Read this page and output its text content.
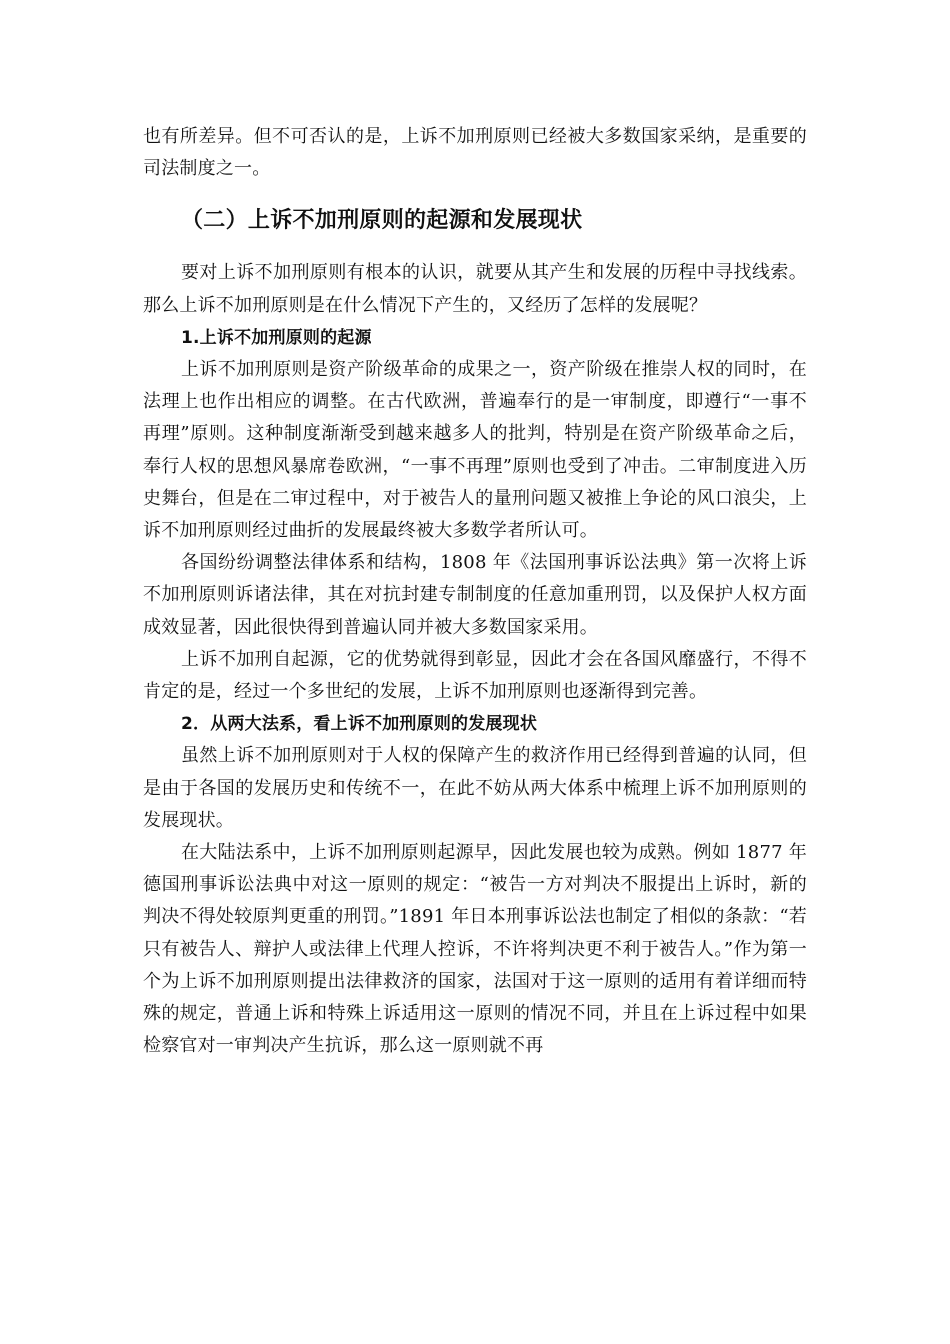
也有所差异。但不可否认的是，上诉不加刑原则已经被大多数国家采纳，是重要的司法制度之一。

（二）上诉不加刑原则的起源和发展现状

要对上诉不加刑原则有根本的认识，就要从其产生和发展的历程中寻找线索。那么上诉不加刑原则是在什么情况下产生的，又经历了怎样的发展呢？

1.上诉不加刑原则的起源

上诉不加刑原则是资产阶级革命的成果之一，资产阶级在推崇人权的同时，在法理上也作出相应的调整。在古代欧洲，普遍奉行的是一审制度，即遵行“一事不再理”原则。这种制度渐渐受到越来越多人的批判，特别是在资产阶级革命之后，奉行人权的思想风暴席卷欧洲，“一事不再理”原则也受到了冲击。二审制度进入历史舞台，但是在二审过程中，对于被告人的量刑问题又被推上争论的风口浪尖，上诉不加刑原则经过曲折的发展最终被大多数学者所认可。

各国纷纷调整法律体系和结构，1808 年《法国刑事诉讼法典》第一次将上诉不加刑原则诉诸法律，其在对抗封建专制制度的任意加重刑罚，以及保护人权方面成效显著，因此很快得到普遍认同并被大多数国家采用。

上诉不加刑自起源，它的优势就得到彰显，因此才会在各国风靡盛行，不得不肯定的是，经过一个多世纪的发展，上诉不加刑原则也逐渐得到完善。

2．从两大法系，看上诉不加刑原则的发展现状

虽然上诉不加刑原则对于人权的保障产生的救济作用已经得到普遍的认同，但是由于各国的发展历史和传统不一，在此不妨从两大体系中梳理上诉不加刑原则的发展现状。

在大陆法系中，上诉不加刑原则起源早，因此发展也较为成熟。例如 1877 年德国刑事诉讼法典中对这一原则的规定：“被告一方对判决不服提出上诉时，新的判决不得处较原判更重的刑罚。”1891 年日本刑事诉讼法也制定了相似的条款：“若只有被告人、辩护人或法律上代理人控诉，不许将判决更不利于被告人。”作为第一个为上诉不加刑原则提出法律救济的国家，法国对于这一原则的适用有着详细而特殊的规定，普通上诉和特殊上诉适用这一原则的情况不同，并且在上诉过程中如果检察官对一审判决产生抗诉，那么这一原则就不再
